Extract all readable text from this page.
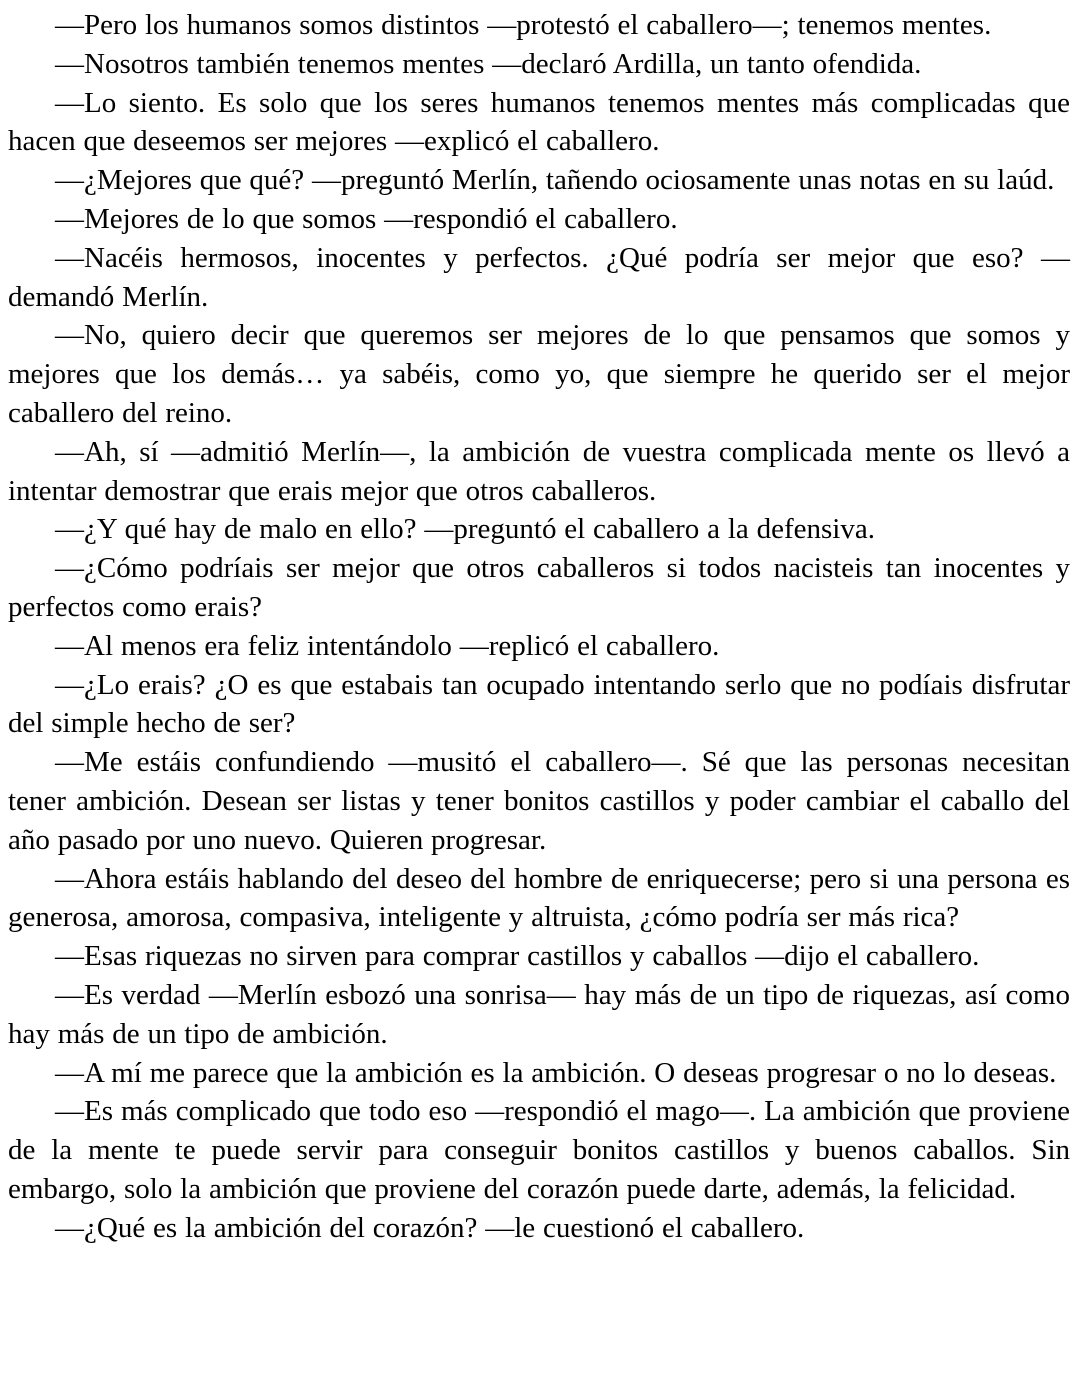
—Pero los humanos somos distintos —protestó el caballero—; tenemos mentes.

—Nosotros también tenemos mentes —declaró Ardilla, un tanto ofendida.

—Lo siento. Es solo que los seres humanos tenemos mentes más complicadas que hacen que deseemos ser mejores —explicó el caballero.

—¿Mejores que qué? —preguntó Merlín, tañendo ociosamente unas notas en su laúd.

—Mejores de lo que somos —respondió el caballero.

—Nacéis hermosos, inocentes y perfectos. ¿Qué podría ser mejor que eso? —demandó Merlín.

—No, quiero decir que queremos ser mejores de lo que pensamos que somos y mejores que los demás… ya sabéis, como yo, que siempre he querido ser el mejor caballero del reino.

—Ah, sí —admitió Merlín—, la ambición de vuestra complicada mente os llevó a intentar demostrar que erais mejor que otros caballeros.

—¿Y qué hay de malo en ello? —preguntó el caballero a la defensiva.

—¿Cómo podríais ser mejor que otros caballeros si todos nacisteis tan inocentes y perfectos como erais?

—Al menos era feliz intentándolo —replicó el caballero.

—¿Lo erais? ¿O es que estabais tan ocupado intentando serlo que no podíais disfrutar del simple hecho de ser?

—Me estáis confundiendo —musitó el caballero—. Sé que las personas necesitan tener ambición. Desean ser listas y tener bonitos castillos y poder cambiar el caballo del año pasado por uno nuevo. Quieren progresar.

—Ahora estáis hablando del deseo del hombre de enriquecerse; pero si una persona es generosa, amorosa, compasiva, inteligente y altruista, ¿cómo podría ser más rica?

—Esas riquezas no sirven para comprar castillos y caballos —dijo el caballero.

—Es verdad —Merlín esbozó una sonrisa— hay más de un tipo de riquezas, así como hay más de un tipo de ambición.

—A mí me parece que la ambición es la ambición. O deseas progresar o no lo deseas.

—Es más complicado que todo eso —respondió el mago—. La ambición que proviene de la mente te puede servir para conseguir bonitos castillos y buenos caballos. Sin embargo, solo la ambición que proviene del corazón puede darte, además, la felicidad.

—¿Qué es la ambición del corazón? —le cuestionó el caballero.
